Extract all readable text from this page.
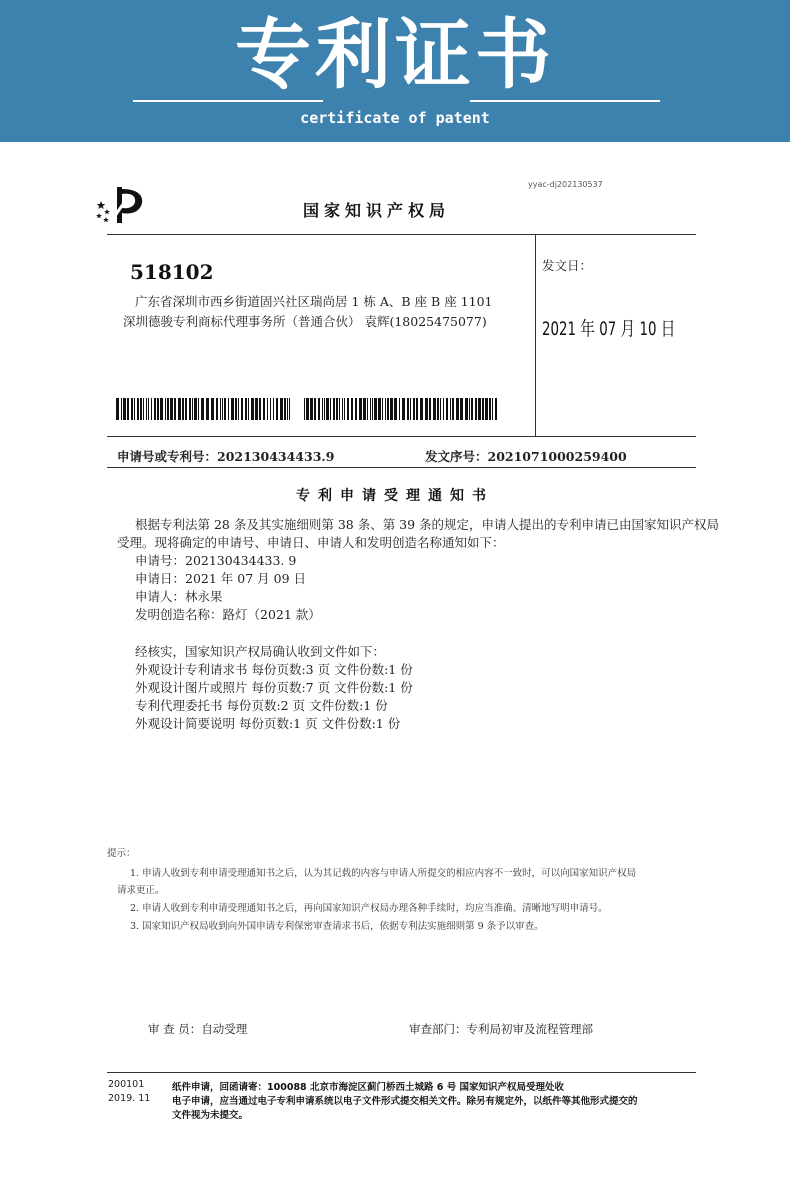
专利证书
certificate of patent
yyac-dj202130537
国家知识产权局
518102
广东省深圳市西乡街道固兴社区瑞尚居 1 栋 A、B 座 B 座 1101
深圳德骏专利商标代理事务所（普通合伙） 袁辉(18025475077)
发文日：
2021 年 07 月 10 日
申请号或专利号：202130434433.9	发文序号：2021071000259400
专利申请受理通知书
根据专利法第 28 条及其实施细则第 38 条、第 39 条的规定，申请人提出的专利申请已由国家知识产权局
受理。现将确定的申请号、申请日、申请人和发明创造名称通知如下：
申请号：202130434433. 9
申请日：2021 年 07 月 09 日
申请人：林永果
发明创造名称：路灯（2021 款）
经核实，国家知识产权局确认收到文件如下：
外观设计专利请求书 每份页数:3 页 文件份数:1 份
外观设计图片或照片 每份页数:7 页 文件份数:1 份
专利代理委托书 每份页数:2 页 文件份数:1 份
外观设计简要说明 每份页数:1 页 文件份数:1 份
提示：
1. 申请人收到专利申请受理通知书之后，认为其记载的内容与申请人所提交的相应内容不一致时，可以向国家知识产权局
请求更正。
2. 申请人收到专利申请受理通知书之后，再向国家知识产权局办理各种手续时，均应当准确、清晰地写明申请号。
3. 国家知识产权局收到向外国申请专利保密审查请求书后，依据专利法实施细则第 9 条予以审查。
审 查 员：自动受理	审查部门：专利局初审及流程管理部
200101
2019. 11
纸件申请，回函请寄：100088 北京市海淀区蓟门桥西土城路 6 号 国家知识产权局受理处收
电子申请，应当通过电子专利申请系统以电子文件形式提交相关文件。除另有规定外，以纸件等其他形式提交的
文件视为未提交。
